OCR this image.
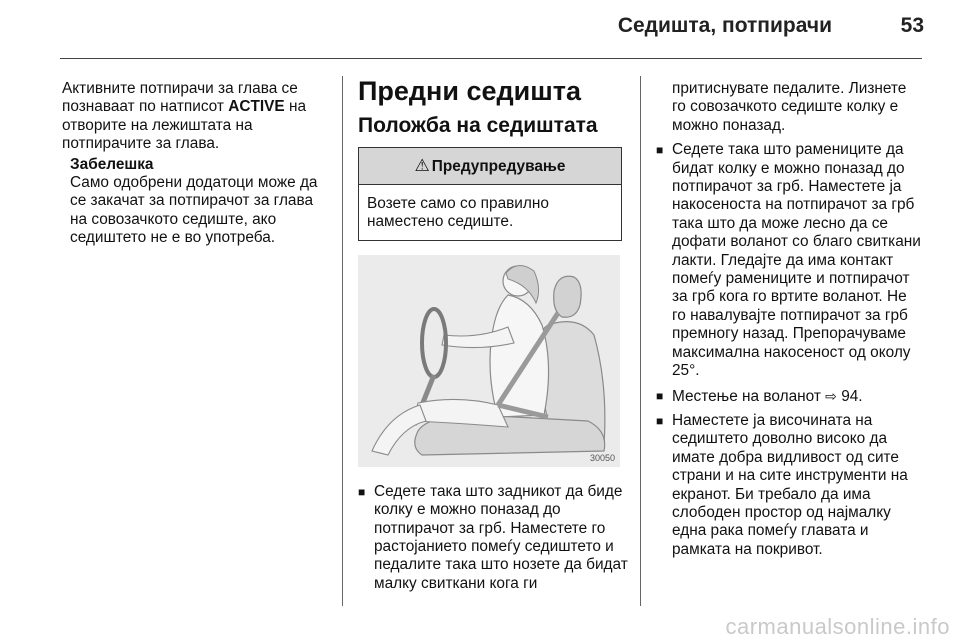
Седишта, потпирачи	53
Активните потпирачи за глава се познаваат по натписот ACTIVE на отворите на лежиштата на потпирачите за глава.
Забелешка
Само одобрени додатоци може да се закачат за потпирачот за глава на совозачкото седиште, ако седиштето не е во употреба.
Предни седишта
Положба на седиштата
⚠ Предупредување
Возете само со правилно наместено седиште.
30050
■ Седете така што задникот да биде колку е можно поназад до потпирачот за грб. Наместете го растојанието помеѓу седиштето и педалите така што нозете да бидат малку свиткани кога ги
притиснувате педалите. Лизнете го совозачкото седиште колку е можно поназад.
■ Седете така што рамениците да бидат колку е можно поназад до потпирачот за грб. Наместете ја накосеноста на потпирачот за грб така што да може лесно да се дофати воланот со благо свиткани лакти. Гледајте да има контакт помеѓу рамениците и потпирачот за грб кога го вртите воланот. Не го навалувајте потпирачот за грб премногу назад. Препорачуваме максимална накосеност од околу 25°.
■ Местење на воланот ⇨ 94.
■ Наместете ја височината на седиштето доволно високо да имате добра видливост од сите страни и на сите инструменти на екранот. Би требало да има слободен простор од најмалку една рака помеѓу главата и рамката на покривот.
carmanualsonline.info
